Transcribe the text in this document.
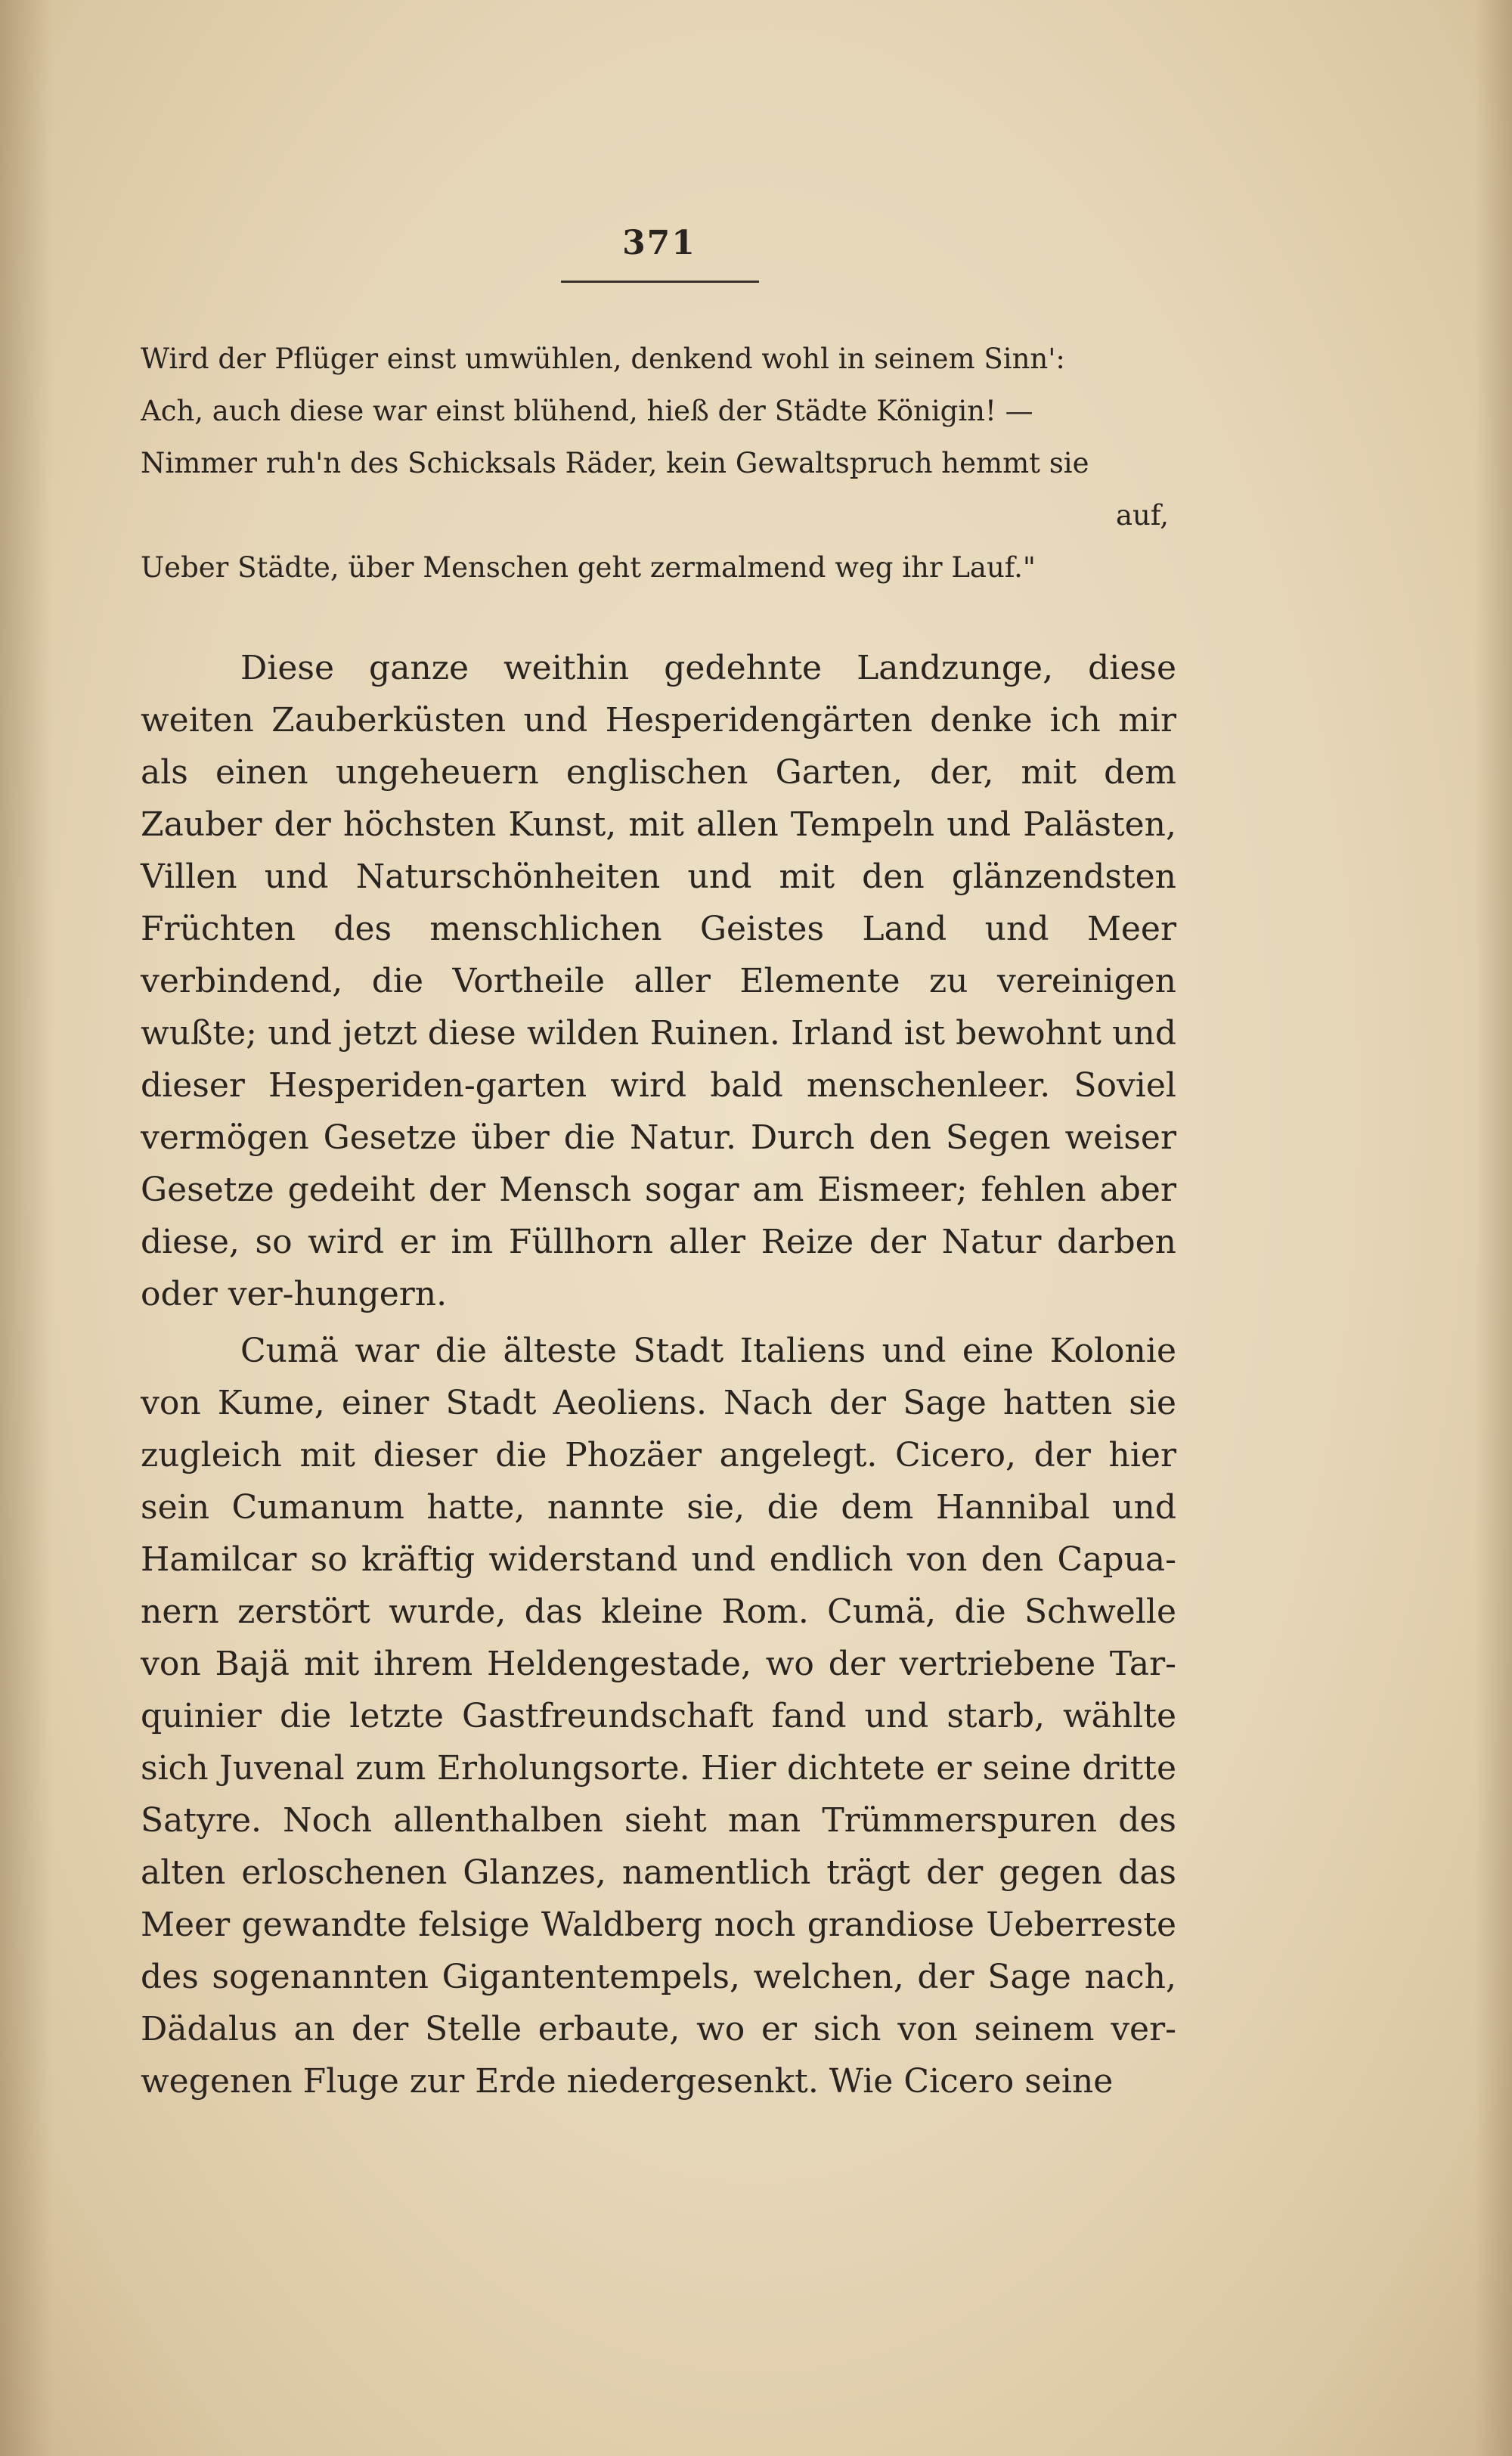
371
Wird der Pflüger einst umwühlen, denkend wohl in seinem Sinn':
Ach, auch diese war einst blühend, hieß der Städte Königin! —
Nimmer ruh'n des Schicksals Räder, kein Gewaltspruch hemmt sie
auf,
Ueber Städte, über Menschen geht zermalmend weg ihr Lauf."

Diese ganze weithin gedehnte Landzunge, diese weiten Zauberküsten und Hesperidengärten denke ich mir als einen ungeheuern englischen Garten, der, mit dem Zauber der höchsten Kunst, mit allen Tempeln und Palästen, Villen und Naturschönheiten und mit den glänzendsten Früchten des menschlichen Geistes Land und Meer verbindend, die Vortheile aller Elemente zu vereinigen wußte; und jetzt diese wilden Ruinen. Irland ist bewohnt und dieser Hesperiden-garten wird bald menschenleer. Soviel vermögen Gesetze über die Natur. Durch den Segen weiser Gesetze gedeiht der Mensch sogar am Eismeer; fehlen aber diese, so wird er im Füllhorn aller Reize der Natur darben oder ver-hungern.

Cumä war die älteste Stadt Italiens und eine Kolonie von Kume, einer Stadt Aeoliens. Nach der Sage hatten sie zugleich mit dieser die Phozäer angelegt. Cicero, der hier sein Cumanum hatte, nannte sie, die dem Hannibal und Hamilcar so kräftig widerstand und endlich von den Capua-nern zerstört wurde, das kleine Rom. Cumä, die Schwelle von Bajä mit ihrem Heldengestade, wo der vertriebene Tar-quinier die letzte Gastfreundschaft fand und starb, wählte sich Juvenal zum Erholungsorte. Hier dichtete er seine dritte Satyre. Noch allenthalben sieht man Trümmerspuren des alten erloschenen Glanzes, namentlich trägt der gegen das Meer gewandte felsige Waldberg noch grandiose Ueberreste des sogenannten Gigantentempels, welchen, der Sage nach, Dädalus an der Stelle erbaute, wo er sich von seinem ver-wegenen Fluge zur Erde niedergesenkt. Wie Cicero seine
